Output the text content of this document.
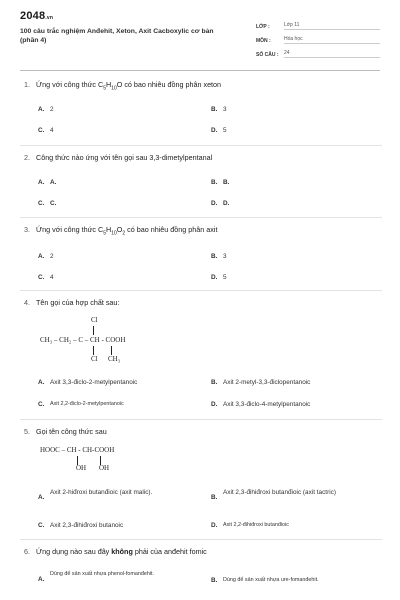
2048.vn
100 câu trắc nghiệm Anđehit, Xeton, Axit Cacboxylic cơ bản (phần 4)
LỚP :	Lớp 11
MÔN :	Hóa học
SỐ CÂU :	24
1. Ứng với công thức $C_5H_{10}O$ có bao nhiêu đồng phân xeton
A. 2	B. 3
C. 4	D. 5
2. Công thức nào ứng với tên gọi sau 3,3-dimetylpentanal
A. A.	B. B.
C. C.	D. D.
3. Ứng với công thức $C_5H_{10}O_2$ có bao nhiêu đồng phân axit
A. 2	B. 3
C. 4	D. 5
4. Tên gọi của hợp chất sau:
Cl
CH₃ – CH₂ – C – CH - COOH
Cl CH₃
A. Axit 3,3-điclo-2-metylpentanoic	B. Axit 2-metyl-3,3-điclopentanoic
C.	Axit 2,2-điclo-2-metylpentanoic	D. Axit 3,3-điclo-4-metylpentanoic
5. Gọi tên công thức sau
HOOC – CH - CH-COOH
OH OH
A.
Axit 2-hiđroxi butanđioic (axit malic).
B.
Axit 2,3-đihiđroxi butanđioic (axit tactric)
C. Axit 2,3-đihiđroxi butanoic	D.	Axit 2,2-đihiđroxi butanđioic
6. Ứng dụng nào sau đây không phải của anđehit fomic
A.
Dùng để sản xuất nhựa phenol-fomanđehit.
B.	Dùng để sản xuất nhựa ure-fomanđehit.
